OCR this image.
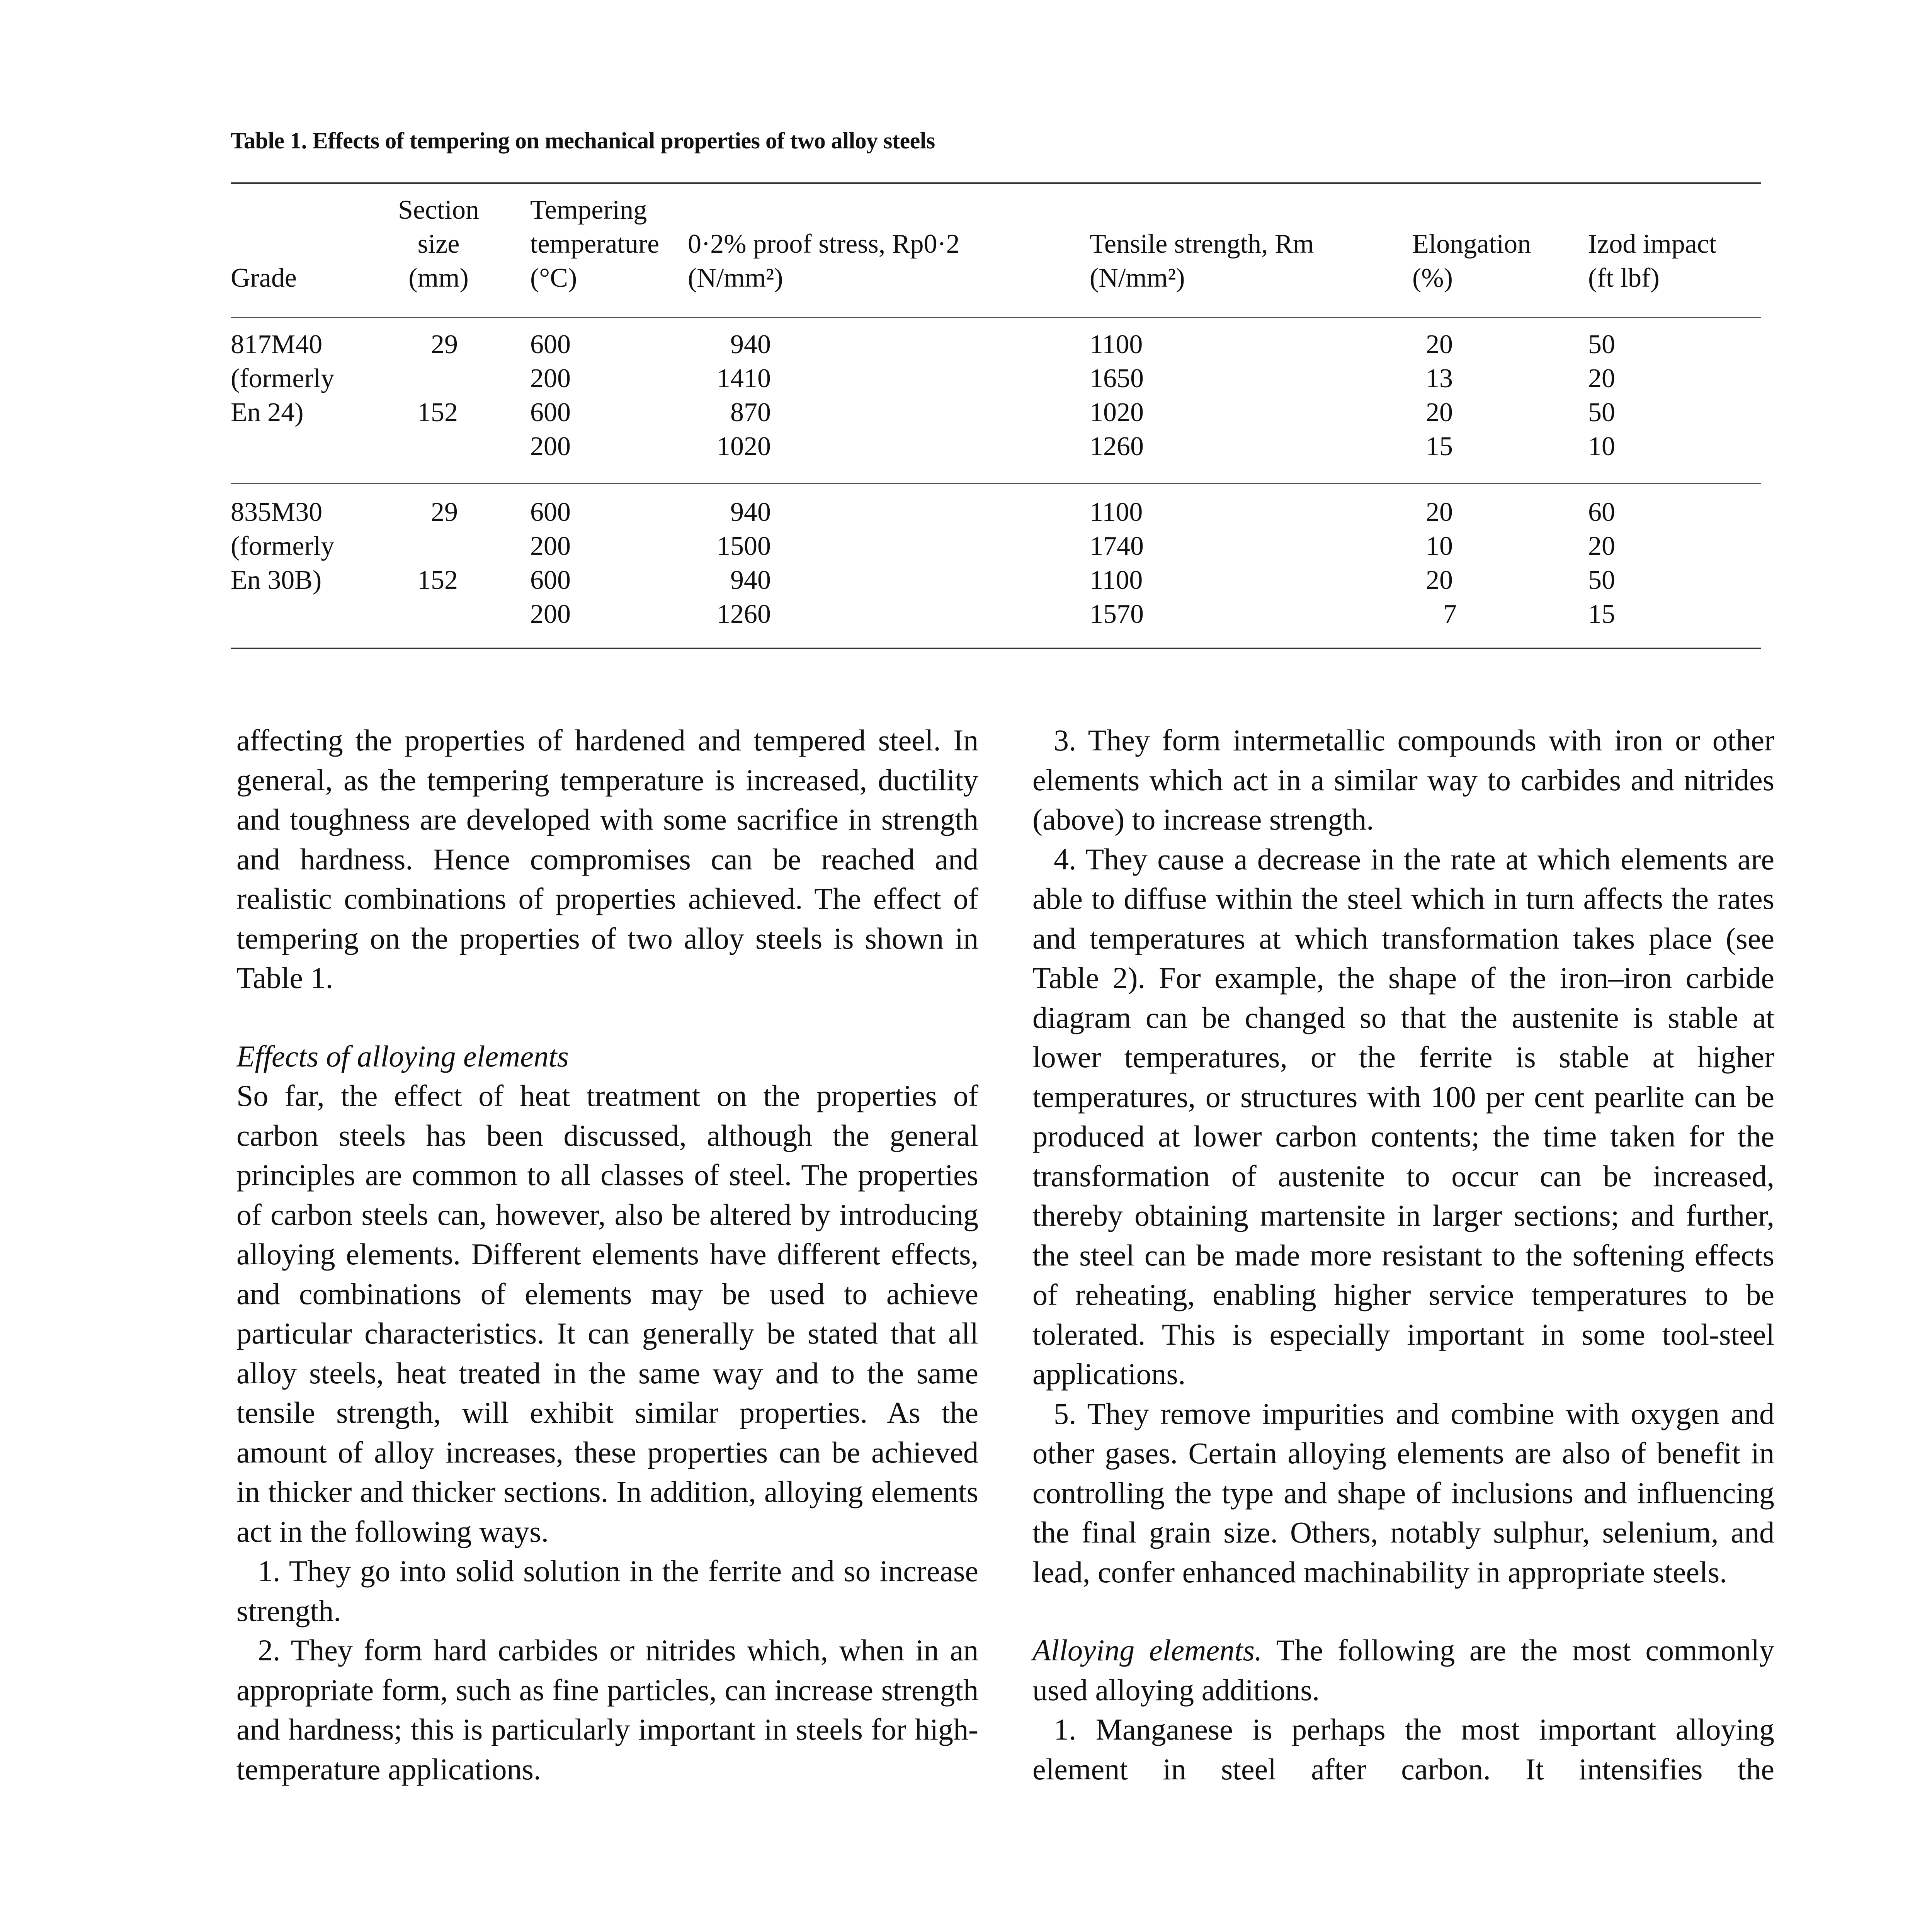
Table 1. Effects of tempering on mechanical properties of two alloy steels
Grade
Section
size
(mm)
Tempering
temperature
(°C)
0·2% proof stress, Rp0·2
(N/mm²)
Tensile strength, Rm
(N/mm²)
Elongation
(%)
Izod impact
(ft lbf)
817M40
(formerly
En 24)
29
152
600
200
600
200
940
1410
870
1020
1100
1650
1020
1260
20
13
20
15
50
20
50
10
835M30
(formerly
En 30B)
29
152
600
200
600
200
940
1500
940
1260
1100
1740
1100
1570
20
10
20
7
60
20
50
15

affecting the properties of hardened and tempered steel. In general, as the tempering temperature is increased, ductility and toughness are developed with some sacrifice in strength and hardness. Hence compromises can be reached and realistic combinations of properties achieved. The effect of tempering on the properties of two alloy steels is shown in Table 1.

Effects of alloying elements

So far, the effect of heat treatment on the properties of carbon steels has been discussed, although the general principles are common to all classes of steel. The properties of carbon steels can, however, also be altered by introducing alloying elements. Different elements have different effects, and combinations of elements may be used to achieve particular characteristics. It can generally be stated that all alloy steels, heat treated in the same way and to the same tensile strength, will exhibit similar properties. As the amount of alloy increases, these properties can be achieved in thicker and thicker sections. In addition, alloying elements act in the following ways.

1. They go into solid solution in the ferrite and so increase strength.

2. They form hard carbides or nitrides which, when in an appropriate form, such as fine particles, can increase strength and hardness; this is particularly important in steels for high-temperature applications.

3. They form intermetallic compounds with iron or other elements which act in a similar way to carbides and nitrides (above) to increase strength.

4. They cause a decrease in the rate at which elements are able to diffuse within the steel which in turn affects the rates and temperatures at which transformation takes place (see Table 2). For example, the shape of the iron–iron carbide diagram can be changed so that the austenite is stable at lower temperatures, or the ferrite is stable at higher temperatures, or structures with 100 per cent pearlite can be produced at lower carbon contents; the time taken for the transformation of austenite to occur can be increased, thereby obtaining martensite in larger sections; and further, the steel can be made more resistant to the softening effects of reheating, enabling higher service temperatures to be tolerated. This is especially important in some tool-steel applications.

5. They remove impurities and combine with oxygen and other gases. Certain alloying elements are also of benefit in controlling the type and shape of inclusions and influencing the final grain size. Others, notably sulphur, selenium, and lead, confer enhanced machinability in appropriate steels.

Alloying elements. The following are the most commonly used alloying additions.

1. Manganese is perhaps the most important alloying element in steel after carbon. It intensifies the
